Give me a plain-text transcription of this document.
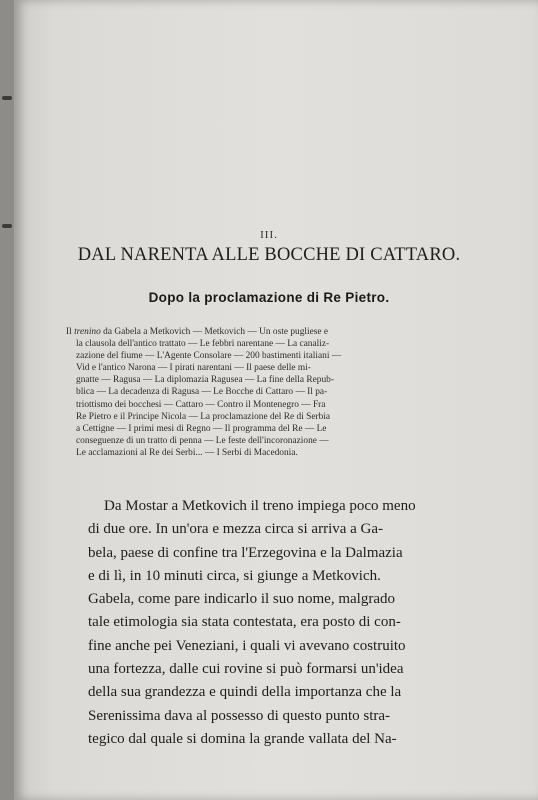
III.
DAL NARENTA ALLE BOCCHE DI CATTARO.
Dopo la proclamazione di Re Pietro.
Il trenino da Gabela a Metkovich — Metkovich — Un oste pugliese e
la clausola dell'antico trattato — Le febbri narentane — La canaliz-
zazione del fiume — L'Agente Consolare — 200 bastimenti italiani —
Vid e l'antico Narona — I pirati narentani — Il paese delle mi-
gnatte — Ragusa — La diplomazia Ragusea — La fine della Repub-
blica — La decadenza di Ragusa — Le Bocche di Cattaro — Il pa-
triottismo dei bocchesi — Cattaro — Contro il Montenegro — Fra
Re Pietro e il Principe Nicola — La proclamazione del Re di Serbia
a Cettigne — I primi mesi di Regno — Il programma del Re — Le
conseguenze di un tratto di penna — Le feste dell'incoronazione —
Le acclamazioni al Re dei Serbi... — I Serbi di Macedonia.
Da Mostar a Metkovich il treno impiega poco meno
di due ore. In un'ora e mezza circa si arriva a Ga-
bela, paese di confine tra l'Erzegovina e la Dalmazia
e di lì, in 10 minuti circa, si giunge a Metkovich.
Gabela, come pare indicarlo il suo nome, malgrado
tale etimologia sia stata contestata, era posto di con-
fine anche pei Veneziani, i quali vi avevano costruito
una fortezza, dalle cui rovine si può formarsi un'idea
della sua grandezza e quindi della importanza che la
Serenissima dava al possesso di questo punto stra-
tegico dal quale si domina la grande vallata del Na-
